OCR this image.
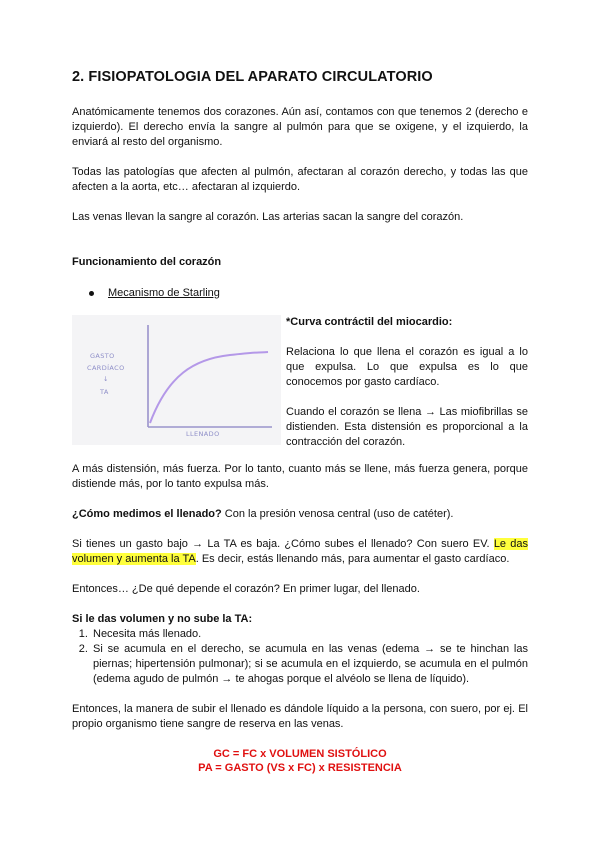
2. FISIOPATOLOGIA DEL APARATO CIRCULATORIO

Anatómicamente tenemos dos corazones. Aún así, contamos con que tenemos 2 (derecho e izquierdo). El derecho envía la sangre al pulmón para que se oxigene, y el izquierdo, la enviará al resto del organismo.

Todas las patologías que afecten al pulmón, afectaran al corazón derecho, y todas las que afecten a la aorta, etc… afectaran al izquierdo.

Las venas llevan la sangre al corazón. Las arterias sacan la sangre del corazón.

Funcionamiento del corazón

Mecanismo de Starling
GASTO
CARDÍACO
↓
TA
LLENADO

*Curva contráctil del miocardio:

Relaciona lo que llena el corazón es igual a lo que expulsa. Lo que expulsa es lo que conocemos por gasto cardíaco.

Cuando el corazón se llena → Las miofibrillas se distienden. Esta distensión es proporcional a la contracción del corazón.

A más distensión, más fuerza. Por lo tanto, cuanto más se llene, más fuerza genera, porque distiende más, por lo tanto expulsa más.

¿Cómo medimos el llenado? Con la presión venosa central (uso de catéter).

Si tienes un gasto bajo → La TA es baja. ¿Cómo subes el llenado? Con suero EV. Le das volumen y aumenta la TA. Es decir, estás llenando más, para aumentar el gasto cardíaco.

Entonces… ¿De qué depende el corazón? En primer lugar, del llenado.

Si le das volumen y no sube la TA:

1. Necesita más llenado.
2. Si se acumula en el derecho, se acumula en las venas (edema → se te hinchan las piernas; hipertensión pulmonar); si se acumula en el izquierdo, se acumula en el pulmón (edema agudo de pulmón → te ahogas porque el alvéolo se llena de líquido).

Entonces, la manera de subir el llenado es dándole líquido a la persona, con suero, por ej. El propio organismo tiene sangre de reserva en las venas.

GC = FC x VOLUMEN SISTÓLICO
PA = GASTO (VS x FC) x RESISTENCIA
